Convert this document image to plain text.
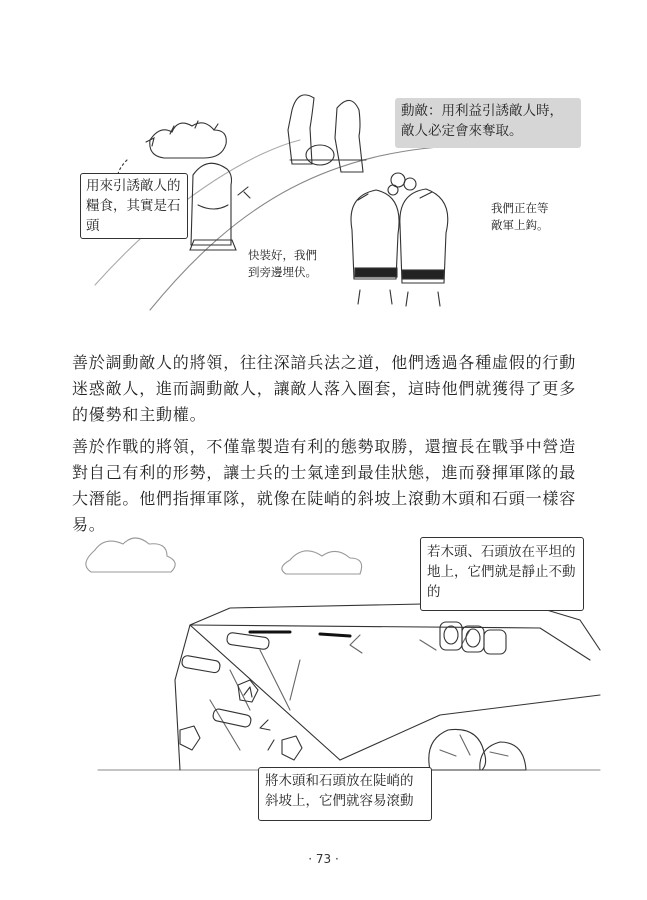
動敵：用利益引誘敵人時，敵人必定會來奪取。
用來引誘敵人的糧食，其實是石頭
快裝好，我們到旁邊埋伏。
我們正在等敵軍上鈎。

善於調動敵人的將領，往往深諳兵法之道，他們透過各種虛假的行動迷惑敵人，進而調動敵人，讓敵人落入圈套，這時他們就獲得了更多的優勢和主動權。

善於作戰的將領，不僅靠製造有利的態勢取勝，還擅長在戰爭中營造對自己有利的形勢，讓士兵的士氣達到最佳狀態，進而發揮軍隊的最大潛能。他們指揮軍隊，就像在陡峭的斜坡上滾動木頭和石頭一樣容易。

若木頭、石頭放在平坦的地上，它們就是靜止不動的
將木頭和石頭放在陡峭的斜坡上，它們就容易滾動
· 73 ·
